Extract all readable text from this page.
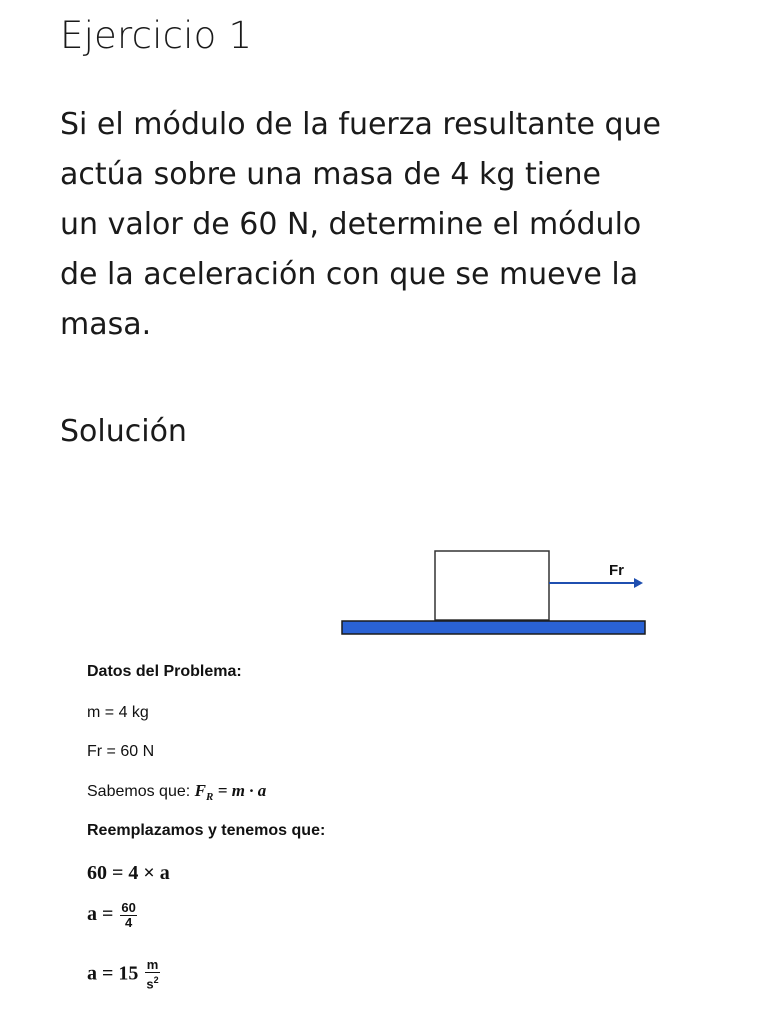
Ejercicio 1

Si el módulo de la fuerza resultante que
actúa sobre una masa de 4 kg tiene
un valor de 60 N, determine el módulo
de la aceleración con que se mueve la
masa.

Solución
Fr
Datos del Problema:
m = 4 kg
Fr = 60 N
Sabemos que: $F_R = m \cdot a$
Reemplazamos y tenemos que:
60 = 4 × a
$a = \frac{60}{4}$
$a = 15 \frac{m}{s^2}$
